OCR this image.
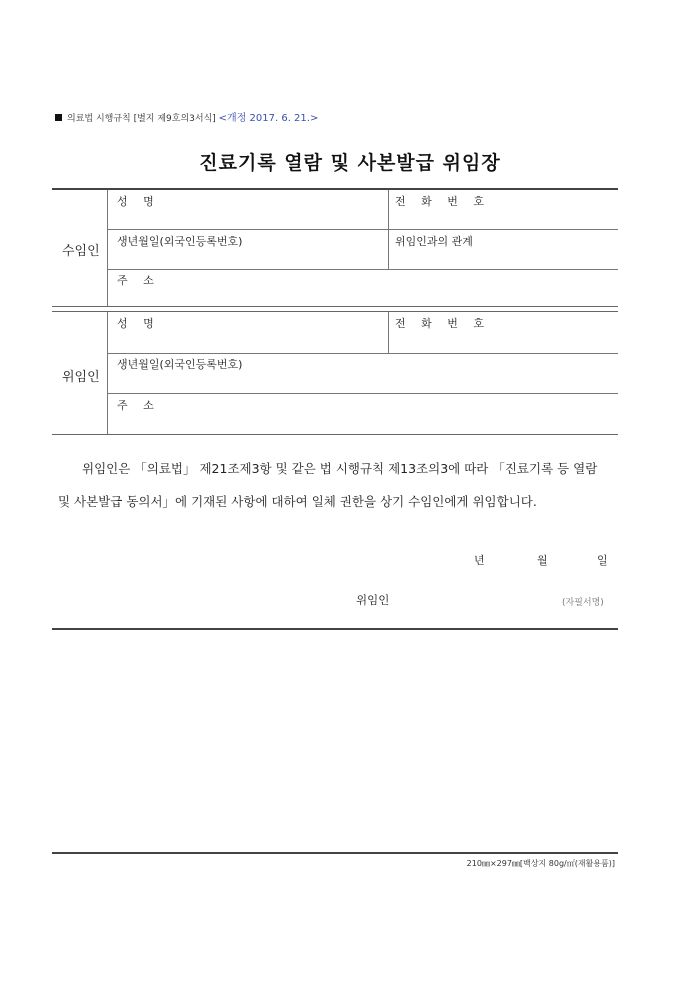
의료법 시행규칙 [별지 제9호의3서식] <개정 2017. 6. 21.>
진료기록 열람 및 사본발급 위임장
수임인
성 명	전 화 번 호
생년월일(외국인등록번호)	위임인과의 관계
주 소
위임인
성 명	전 화 번 호
생년월일(외국인등록번호)
주 소
위임인은 「의료법」 제21조제3항 및 같은 법 시행규칙 제13조의3에 따라 「진료기록 등 열람
및 사본발급 동의서」에 기재된 사항에 대하여 일체 권한을 상기 수임인에게 위임합니다.
년	월	일
위임인	(자필서명)
210㎜×297㎜[백상지 80g/㎡(재활용품)]
